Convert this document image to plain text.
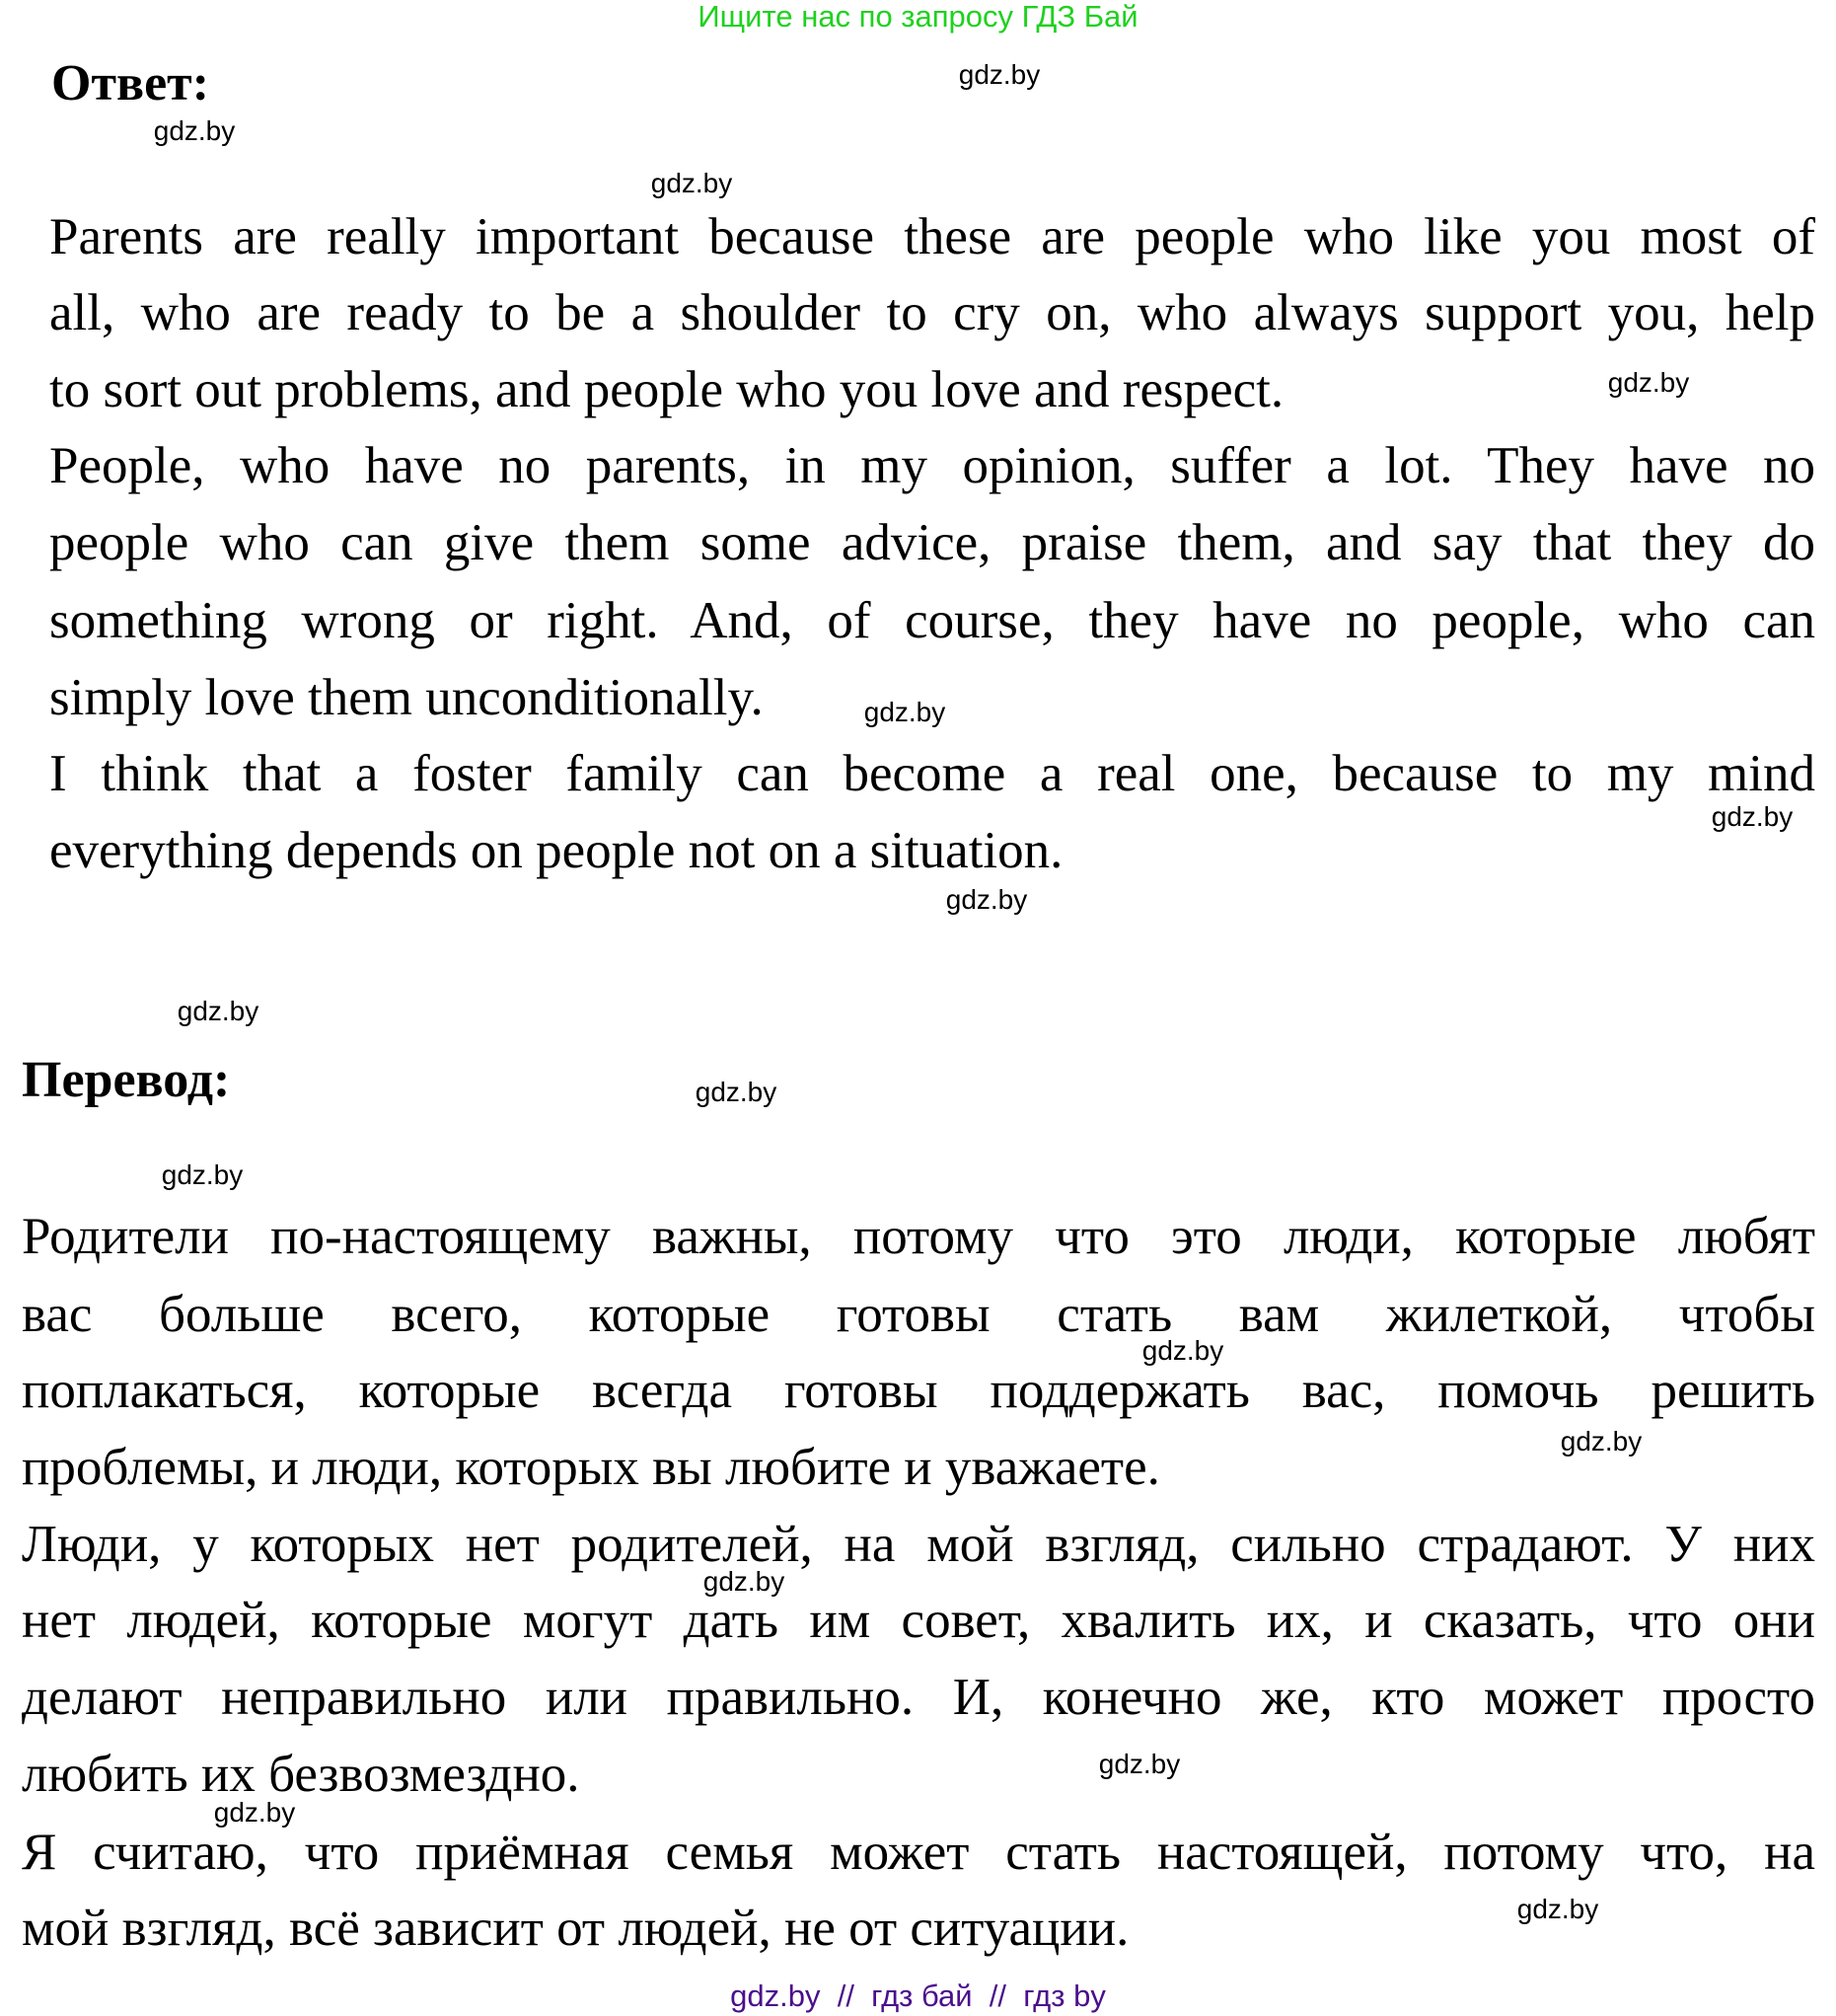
Ищите нас по запросу ГДЗ Бай
Ответ:
Parents are really important because these are people who like you most of
all, who are ready to be a shoulder to cry on, who always support you, help
to sort out problems, and people who you love and respect.
People, who have no parents, in my opinion, suffer a lot. They have no
people who can give them some advice, praise them, and say that they do
something wrong or right. And, of course, they have no people, who can
simply love them unconditionally.
I think that a foster family can become a real one, because to my mind
everything depends on people not on a situation.
Перевод:
Родители по-настоящему важны, потому что это люди, которые любят
вас больше всего, которые готовы стать вам жилеткой, чтобы
поплакаться, которые всегда готовы поддержать вас, помочь решить
проблемы, и люди, которых вы любите и уважаете.
Люди, у которых нет родителей, на мой взгляд, сильно страдают. У них
нет людей, которые могут дать им совет, хвалить их, и сказать, что они
делают неправильно или правильно. И, конечно же, кто может просто
любить их безвозмездно.
Я считаю, что приёмная семья может стать настоящей, потому что, на
мой взгляд, всё зависит от людей, не от ситуации.
gdz.by
gdz.by
gdz.by
gdz.by
gdz.by
gdz.by
gdz.by
gdz.by
gdz.by
gdz.by
gdz.by
gdz.by
gdz.by
gdz.by
gdz.by
gdz.by
gdz.by  //  гдз бай  //  гдз by
